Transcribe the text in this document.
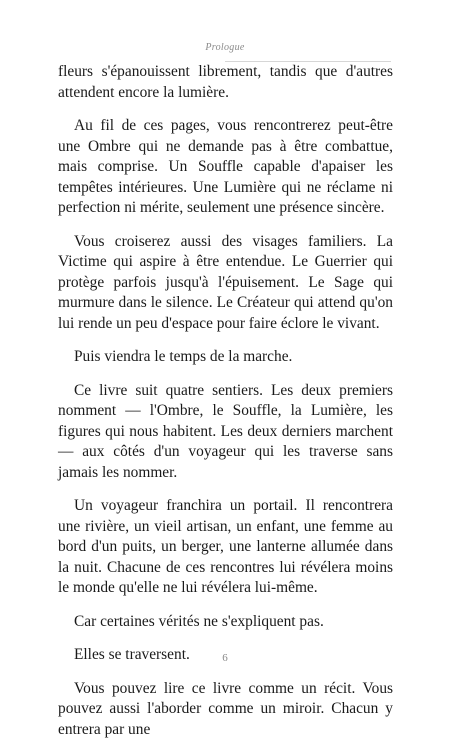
Prologue

fleurs s'épanouissent librement, tandis que d'autres attendent encore la lumière.

Au fil de ces pages, vous rencontrerez peut-être une Ombre qui ne demande pas à être combattue, mais comprise. Un Souffle capable d'apaiser les tempêtes intérieures. Une Lumière qui ne réclame ni perfection ni mérite, seulement une présence sincère.

Vous croiserez aussi des visages familiers. La Victime qui aspire à être entendue. Le Guerrier qui protège parfois jusqu'à l'épuisement. Le Sage qui murmure dans le silence. Le Créateur qui attend qu'on lui rende un peu d'espace pour faire éclore le vivant.

Puis viendra le temps de la marche.

Ce livre suit quatre sentiers. Les deux premiers nomment — l'Ombre, le Souffle, la Lumière, les figures qui nous habitent. Les deux derniers marchent — aux côtés d'un voyageur qui les traverse sans jamais les nommer.

Un voyageur franchira un portail. Il rencontrera une rivière, un vieil artisan, un enfant, une femme au bord d'un puits, un berger, une lanterne allumée dans la nuit. Chacune de ces rencontres lui révélera moins le monde qu'elle ne lui révélera lui-même.

Car certaines vérités ne s'expliquent pas.

Elles se traversent.

Vous pouvez lire ce livre comme un récit. Vous pouvez aussi l'aborder comme un miroir. Chacun y entrera par une

6
